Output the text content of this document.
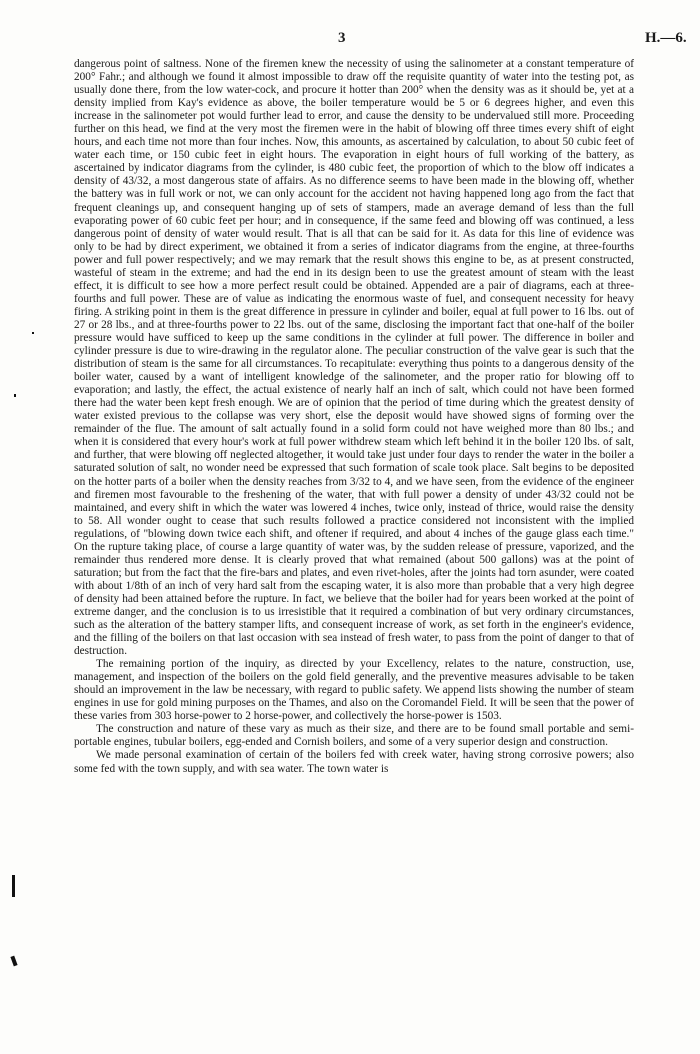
3	H.—6.

dangerous point of saltness. None of the firemen knew the necessity of using the salinometer at a constant temperature of 200° Fahr.; and although we found it almost impossible to draw off the requisite quantity of water into the testing pot, as usually done there, from the low water-cock, and procure it hotter than 200° when the density was as it should be, yet at a density implied from Kay's evidence as above, the boiler temperature would be 5 or 6 degrees higher, and even this increase in the salinometer pot would further lead to error, and cause the density to be undervalued still more. Proceeding further on this head, we find at the very most the firemen were in the habit of blowing off three times every shift of eight hours, and each time not more than four inches. Now, this amounts, as ascertained by calculation, to about 50 cubic feet of water each time, or 150 cubic feet in eight hours. The evaporation in eight hours of full working of the battery, as ascertained by indicator diagrams from the cylinder, is 480 cubic feet, the proportion of which to the blow off indicates a density of 43/32, a most dangerous state of affairs. As no difference seems to have been made in the blowing off, whether the battery was in full work or not, we can only account for the accident not having happened long ago from the fact that frequent cleanings up, and consequent hanging up of sets of stampers, made an average demand of less than the full evaporating power of 60 cubic feet per hour; and in consequence, if the same feed and blowing off was continued, a less dangerous point of density of water would result. That is all that can be said for it. As data for this line of evidence was only to be had by direct experiment, we obtained it from a series of indicator diagrams from the engine, at three-fourths power and full power respectively; and we may remark that the result shows this engine to be, as at present constructed, wasteful of steam in the extreme; and had the end in its design been to use the greatest amount of steam with the least effect, it is difficult to see how a more perfect result could be obtained. Appended are a pair of diagrams, each at three-fourths and full power. These are of value as indicating the enormous waste of fuel, and consequent necessity for heavy firing. A striking point in them is the great difference in pressure in cylinder and boiler, equal at full power to 16 lbs. out of 27 or 28 lbs., and at three-fourths power to 22 lbs. out of the same, disclosing the important fact that one-half of the boiler pressure would have sufficed to keep up the same conditions in the cylinder at full power. The difference in boiler and cylinder pressure is due to wire-drawing in the regulator alone. The peculiar construction of the valve gear is such that the distribution of steam is the same for all circumstances. To recapitulate: everything thus points to a dangerous density of the boiler water, caused by a want of intelligent knowledge of the salinometer, and the proper ratio for blowing off to evaporation; and lastly, the effect, the actual existence of nearly half an inch of salt, which could not have been formed there had the water been kept fresh enough. We are of opinion that the period of time during which the greatest density of water existed previous to the collapse was very short, else the deposit would have showed signs of forming over the remainder of the flue. The amount of salt actually found in a solid form could not have weighed more than 80 lbs.; and when it is considered that every hour's work at full power withdrew steam which left behind it in the boiler 120 lbs. of salt, and further, that were blowing off neglected altogether, it would take just under four days to render the water in the boiler a saturated solution of salt, no wonder need be expressed that such formation of scale took place. Salt begins to be deposited on the hotter parts of a boiler when the density reaches from 3/32 to 4, and we have seen, from the evidence of the engineer and firemen most favourable to the freshening of the water, that with full power a density of under 43/32 could not be maintained, and every shift in which the water was lowered 4 inches, twice only, instead of thrice, would raise the density to 58. All wonder ought to cease that such results followed a practice considered not inconsistent with the implied regulations, of "blowing down twice each shift, and oftener if required, and about 4 inches of the gauge glass each time." On the rupture taking place, of course a large quantity of water was, by the sudden release of pressure, vaporized, and the remainder thus rendered more dense. It is clearly proved that what remained (about 500 gallons) was at the point of saturation; but from the fact that the fire-bars and plates, and even rivet-holes, after the joints had torn asunder, were coated with about 1/8th of an inch of very hard salt from the escaping water, it is also more than probable that a very high degree of density had been attained before the rupture. In fact, we believe that the boiler had for years been worked at the point of extreme danger, and the conclusion is to us irresistible that it required a combination of but very ordinary circumstances, such as the alteration of the battery stamper lifts, and consequent increase of work, as set forth in the engineer's evidence, and the filling of the boilers on that last occasion with sea instead of fresh water, to pass from the point of danger to that of destruction.

The remaining portion of the inquiry, as directed by your Excellency, relates to the nature, construction, use, management, and inspection of the boilers on the gold field generally, and the preventive measures advisable to be taken should an improvement in the law be necessary, with regard to public safety. We append lists showing the number of steam engines in use for gold mining purposes on the Thames, and also on the Coromandel Field. It will be seen that the power of these varies from 303 horse-power to 2 horse-power, and collectively the horse-power is 1503.

The construction and nature of these vary as much as their size, and there are to be found small portable and semi-portable engines, tubular boilers, egg-ended and Cornish boilers, and some of a very superior design and construction.

We made personal examination of certain of the boilers fed with creek water, having strong corrosive powers; also some fed with the town supply, and with sea water. The town water is
